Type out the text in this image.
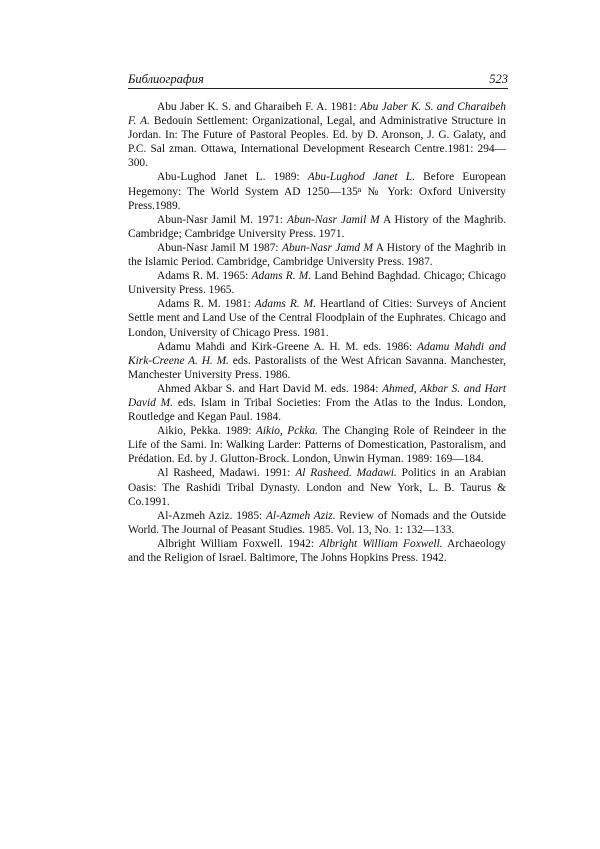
Библиография	523

Abu Jaber K. S. and Gharaibeh F. A. 1981: Abu Jaber K. S. and Charaibeh F. A. Bedouin Settlement: Organizational, Legal, and Administrative Structure in Jordan. In: The Future of Pastoral Peoples. Ed. by D. Aronson, J. G. Galaty, and P.C. Sal zman. Ottawa, International Development Research Centre.1981: 294—300.

Abu-Lughod Janet L. 1989: Abu-Lughod Janet L. Before European Hegemony: The World System AD 1250—135ⁿ № York: Oxford University Press.1989.

Abun-Nasr Jamil M. 1971: Abun-Nasr Jamil M A History of the Maghrib. Cambridge; Cambridge University Press. 1971.

Abun-Nasr Jamil M 1987: Abun-Nasr Jamd M A History of the Maghrib in the Islamic Period. Cambridge, Cambridge University Press. 1987.

Adams R. M. 1965: Adams R. M. Land Behind Baghdad. Chicago; Chicago University Press. 1965.

Adams R. M. 1981: Adams R. M. Heartland of Cities: Surveys of Ancient Settle ment and Land Use of the Central Floodplain of the Euphrates. Chicago and London, University of Chicago Press. 1981.

Adamu Mahdi and Kirk-Greene A. H. M. eds. 1986: Adamu Mahdi and Kirk-Creene A. H. M. eds. Pastoralists of the West African Savanna. Manchester, Manchester University Press. 1986.

Ahmed Akbar S. and Hart David M. eds. 1984: Ahmed, Akbar S. and Hart David M. eds. Islam in Tribal Societies: From the Atlas to the Indus. London, Routledge and Kegan Paul. 1984.

Aikio, Pekka. 1989: Aikio, Pckka. The Changing Role of Reindeer in the Life of the Sami. In: Walking Larder: Patterns of Domestication, Pastoralism, and Prédation. Ed. by J. Glutton-Brock. London, Unwin Hyman. 1989: 169—184.

Al Rasheed, Madawi. 1991: Al Rasheed. Madawi. Politics in an Arabian Oasis: The Rashidi Tribal Dynasty. London and New York, L. B. Taurus & Co.1991.

Al-Azmeh Aziz. 1985: Al-Azmeh Aziz. Review of Nomads and the Outside World. The Journal of Peasant Studies. 1985. Vol. 13, No. 1: 132—133.

Albright William Foxwell. 1942: Albright William Foxwell. Archaeology and the Religion of Israel. Baltimore, The Johns Hopkins Press. 1942.
